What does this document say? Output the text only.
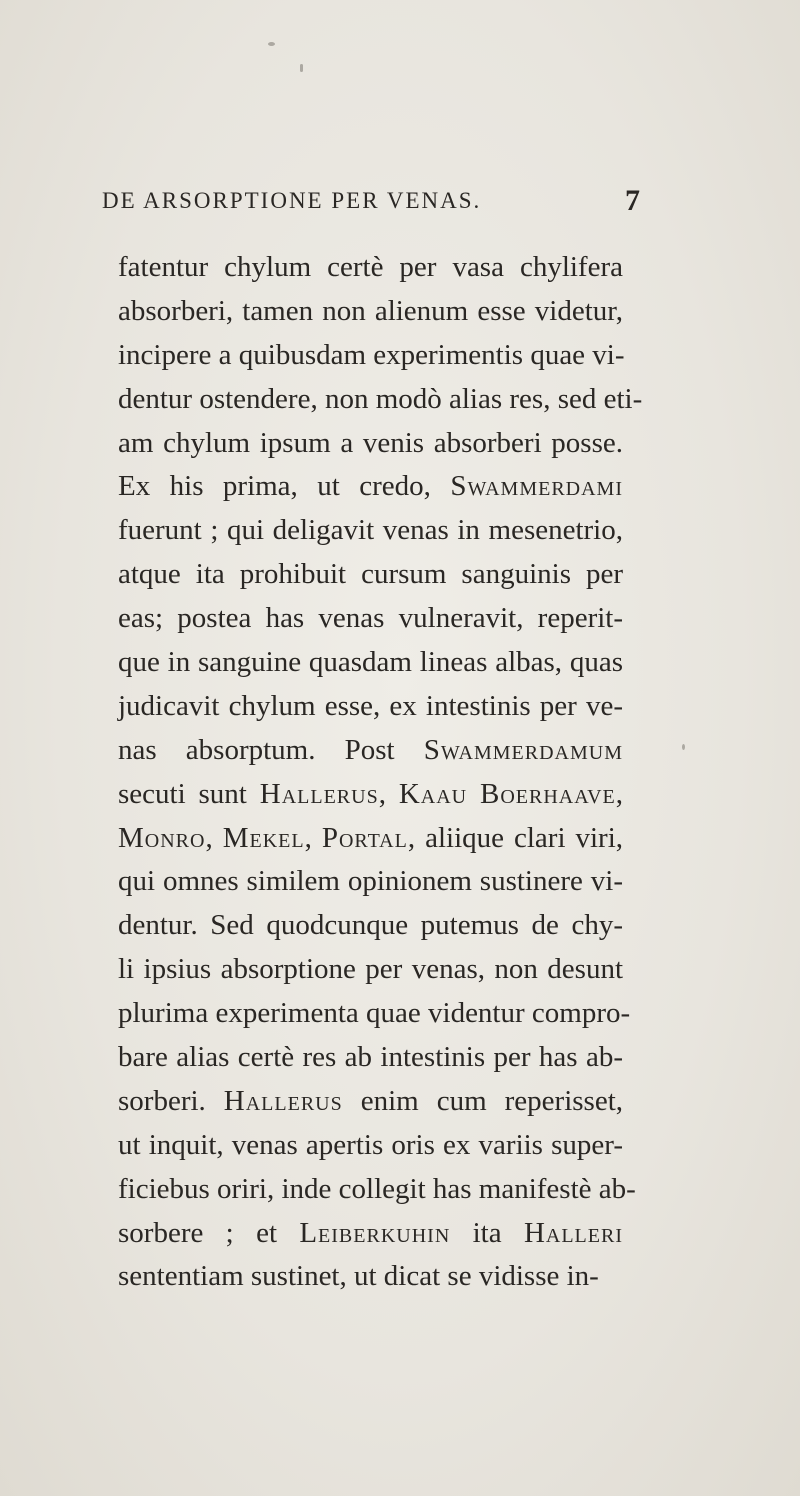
DE ARSORPTIONE PER VENAS.	7
fatentur chylum certè per vasa chylifera
absorberi, tamen non alienum esse videtur,
incipere a quibusdam experimentis quae vi-
dentur ostendere, non modò alias res, sed eti-
am chylum ipsum a venis absorberi posse.
Ex his prima, ut credo, Swammerdami
fuerunt ; qui deligavit venas in mesenetrio,
atque ita prohibuit cursum sanguinis per
eas; postea has venas vulneravit, reperit-
que in sanguine quasdam lineas albas, quas
judicavit chylum esse, ex intestinis per ve-
nas absorptum. Post Swammerdamum
secuti sunt Hallerus, Kaau Boerhaave,
Monro, Mekel, Portal, aliique clari viri,
qui omnes similem opinionem sustinere vi-
dentur. Sed quodcunque putemus de chy-
li ipsius absorptione per venas, non desunt
plurima experimenta quae videntur compro-
bare alias certè res ab intestinis per has ab-
sorberi. Hallerus enim cum reperisset,
ut inquit, venas apertis oris ex variis super-
ficiebus oriri, inde collegit has manifestè ab-
sorbere ; et Leiberkuhin ita Halleri
sententiam sustinet, ut dicat se vidisse in-
